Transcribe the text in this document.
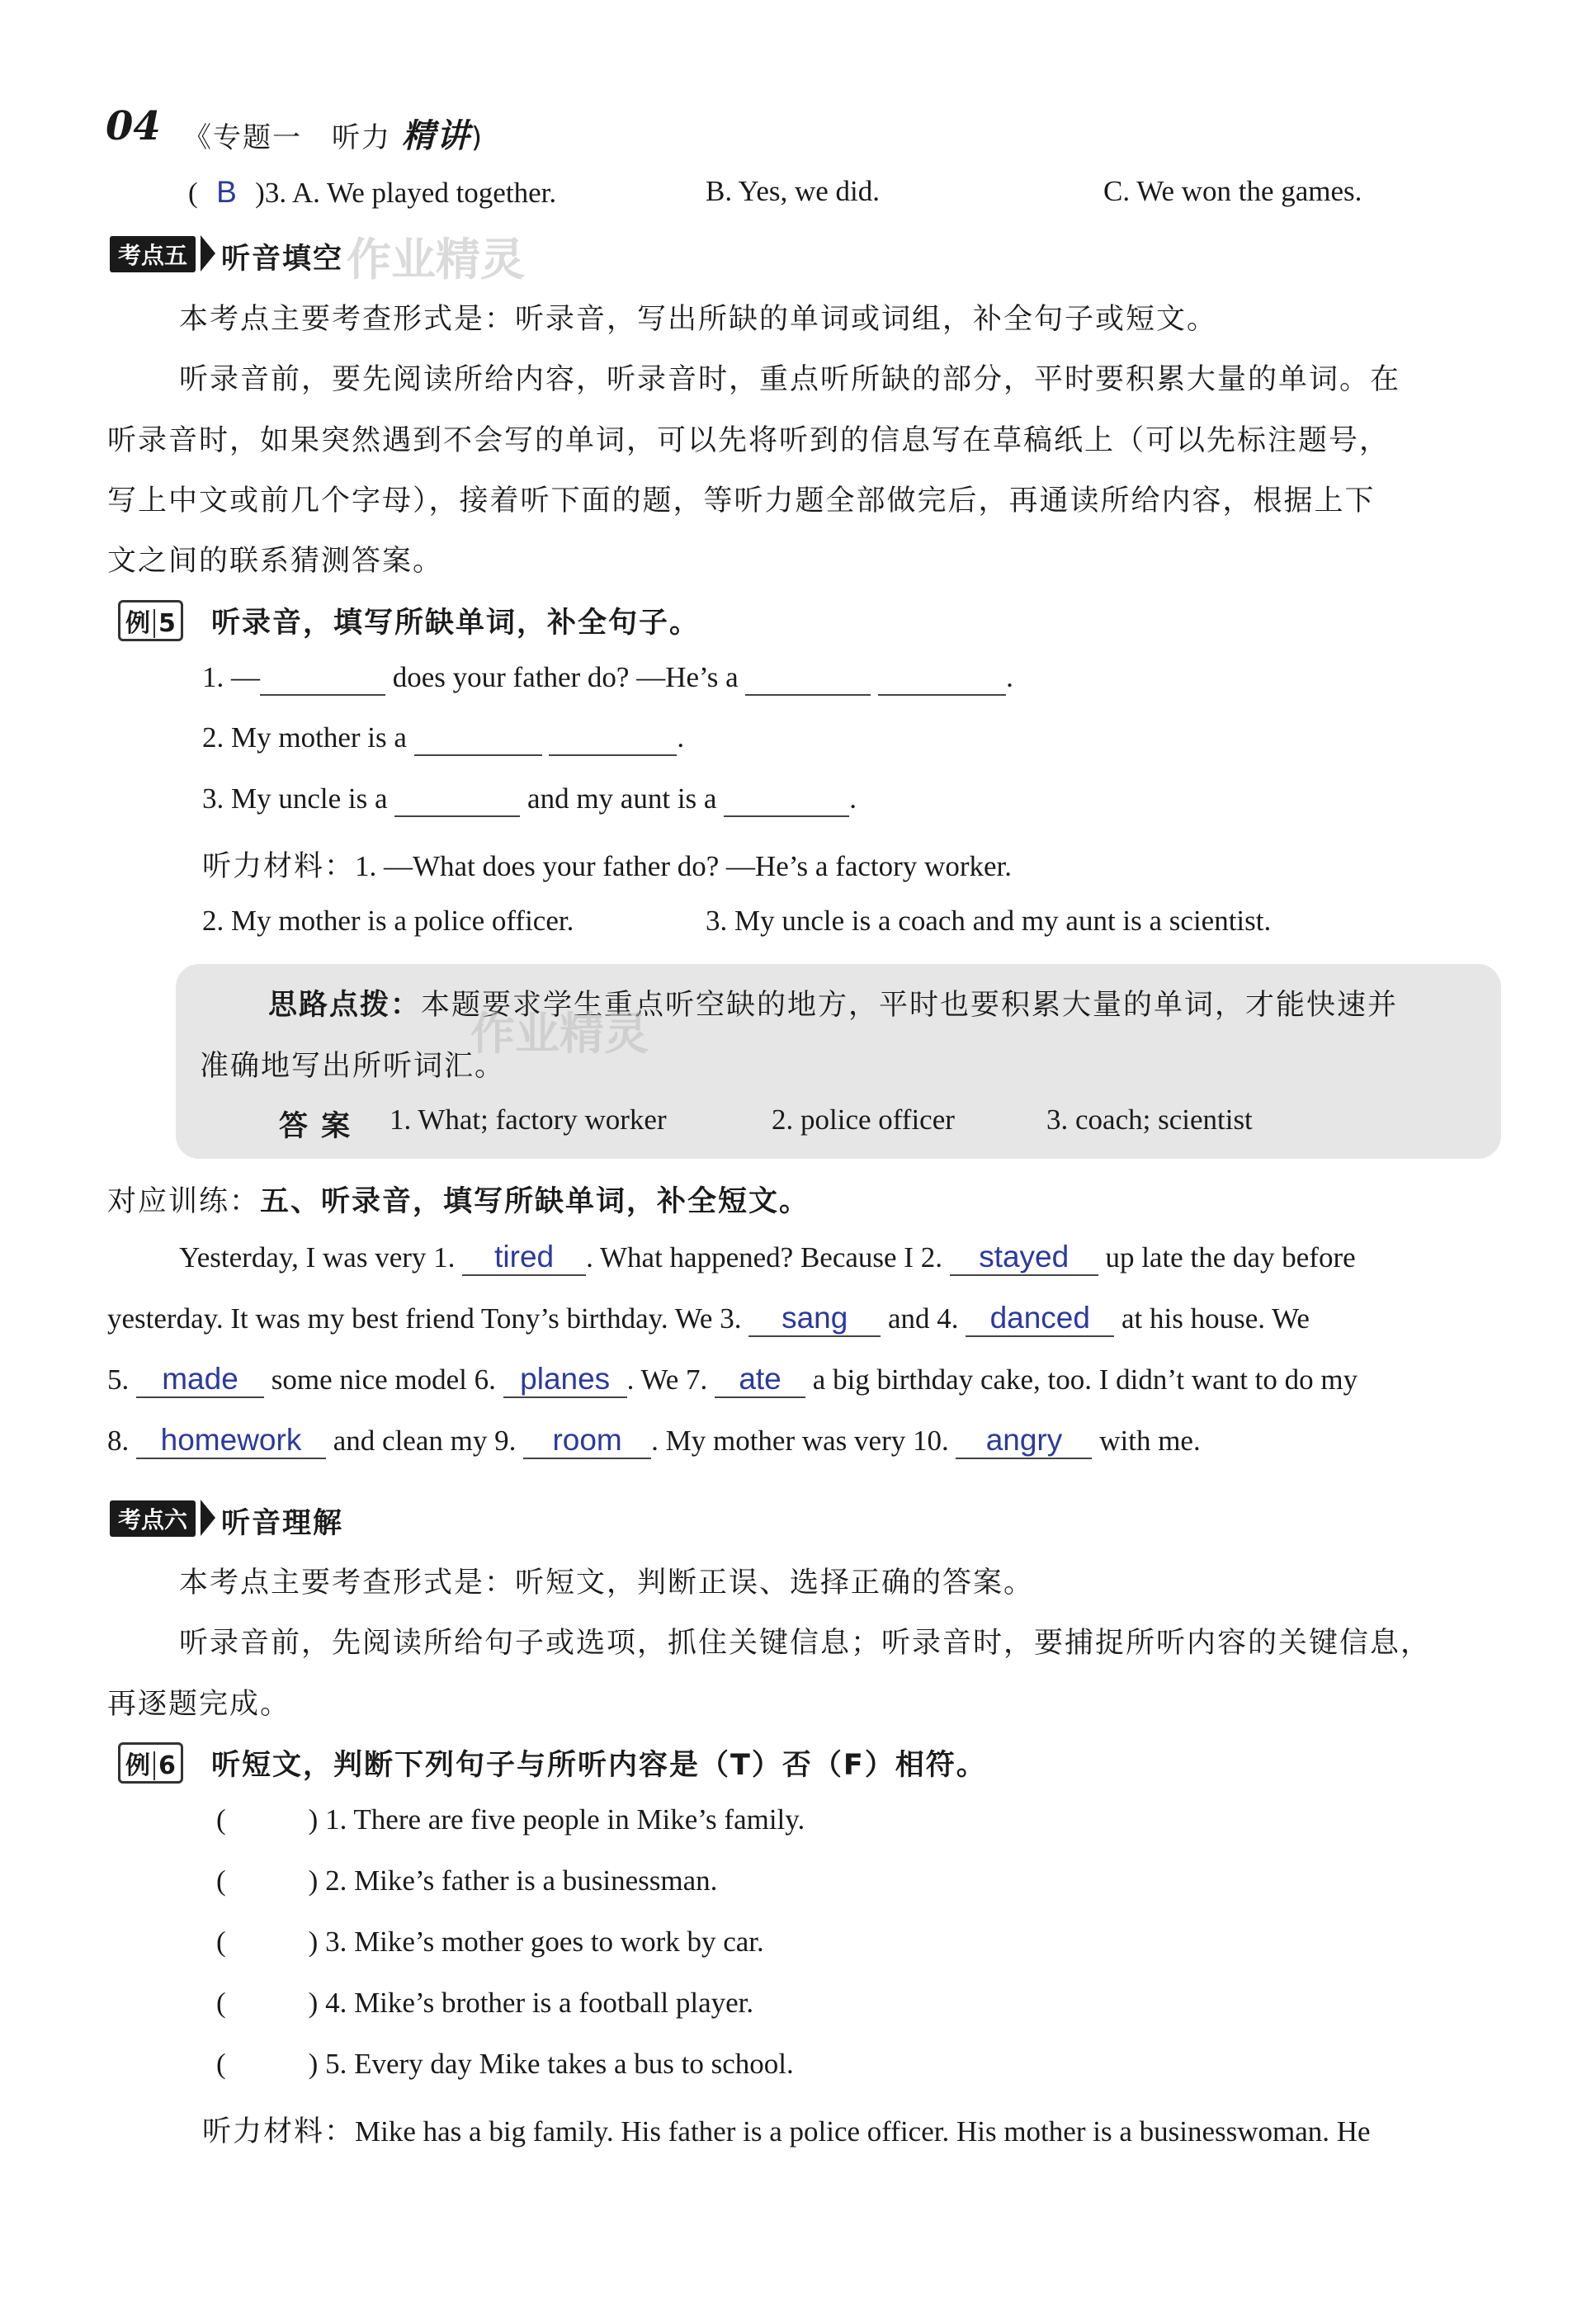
04 《专题一　听力 精讲)
( B )3. A. We played together.	B. Yes, we did.	C. We won the games.
考点五 听音填空 作业精灵
本考点主要考查形式是：听录音，写出所缺的单词或词组，补全句子或短文。
听录音前，要先阅读所给内容，听录音时，重点听所缺的部分，平时要积累大量的单词。在
听录音时，如果突然遇到不会写的单词，可以先将听到的信息写在草稿纸上（可以先标注题号，
写上中文或前几个字母），接着听下面的题，等听力题全部做完后，再通读所给内容，根据上下
文之间的联系猜测答案。
例 5 听录音，填写所缺单词，补全句子。
1. —	does your father do? —He’s a	.
2. My mother is a	.
3. My uncle is a	and my aunt is a	.
听力材料：1. —What does your father do? —He’s a factory worker.
2. My mother is a police officer.	3. My uncle is a coach and my aunt is a scientist.
思路点拨：本题要求学生重点听空缺的地方，平时也要积累大量的单词，才能快速并
准确地写出所听词汇。
作业精灵
答 案 1. What; factory worker	2. police officer	3. coach; scientist
对应训练：五、听录音，填写所缺单词，补全短文。
Yesterday, I was very 1. tired . What happened? Because I 2. stayed up late the day before
yesterday. It was my best friend Tony’s birthday. We 3. sang and 4. danced at his house. We
5. made some nice model 6. planes . We 7. ate a big birthday cake, too. I didn’t want to do my
8. homework and clean my 9. room . My mother was very 10. angry with me.
考点六 听音理解
本考点主要考查形式是：听短文，判断正误、选择正确的答案。
听录音前，先阅读所给句子或选项，抓住关键信息；听录音时，要捕捉所听内容的关键信息，
再逐题完成。
例 6 听短文，判断下列句子与所听内容是（T）否（F）相符。
(	) 1. There are five people in Mike’s family.
(	) 2. Mike’s father is a businessman.
(	) 3. Mike’s mother goes to work by car.
(	) 4. Mike’s brother is a football player.
(	) 5. Every day Mike takes a bus to school.
听力材料：Mike has a big family. His father is a police officer. His mother is a businesswoman. He
